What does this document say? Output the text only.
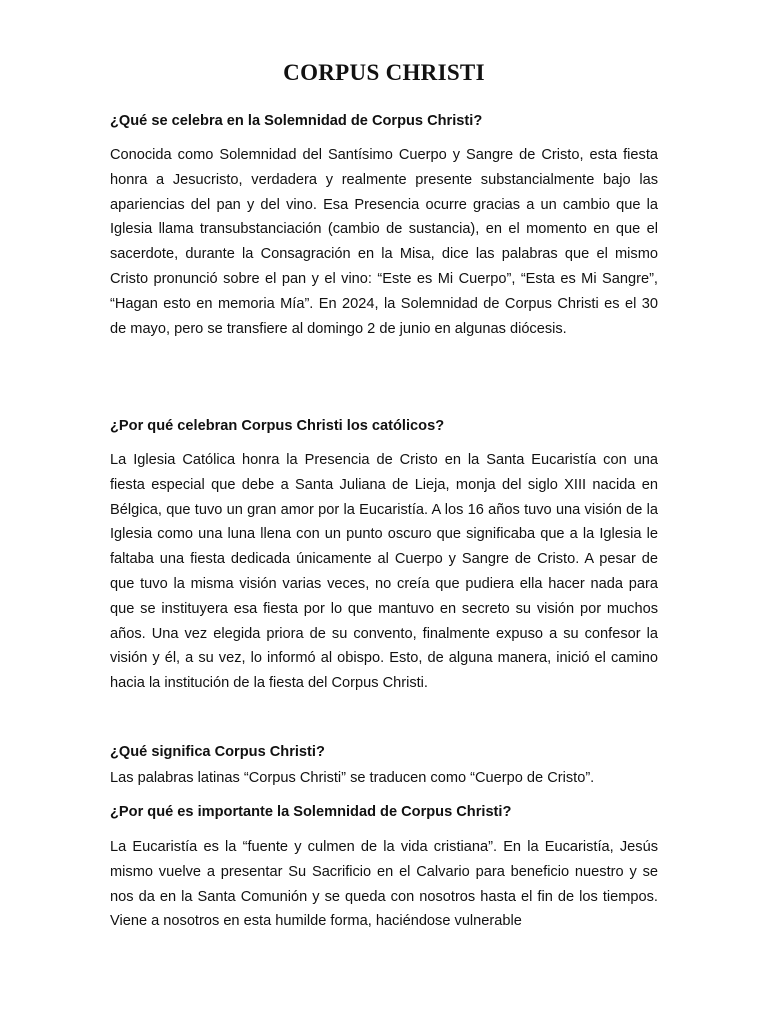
CORPUS CHRISTI
¿Qué se celebra en la Solemnidad de Corpus Christi?

Conocida como Solemnidad del Santísimo Cuerpo y Sangre de Cristo, esta fiesta honra a Jesucristo, verdadera y realmente presente substancialmente bajo las apariencias del pan y del vino. Esa Presencia ocurre gracias a un cambio que la Iglesia llama transubstanciación (cambio de sustancia), en el momento en que el sacerdote, durante la Consagración en la Misa, dice las palabras que el mismo Cristo pronunció sobre el pan y el vino: “Este es Mi Cuerpo”, “Esta es Mi Sangre”, “Hagan esto en memoria Mía”. En 2024, la Solemnidad de Corpus Christi es el 30 de mayo, pero se transfiere al domingo 2 de junio en algunas diócesis.

¿Por qué celebran Corpus Christi los católicos?

La Iglesia Católica honra la Presencia de Cristo en la Santa Eucaristía con una fiesta especial que debe a Santa Juliana de Lieja, monja del siglo XIII nacida en Bélgica, que tuvo un gran amor por la Eucaristía. A los 16 años tuvo una visión de la Iglesia como una luna llena con un punto oscuro que significaba que a la Iglesia le faltaba una fiesta dedicada únicamente al Cuerpo y Sangre de Cristo. A pesar de que tuvo la misma visión varias veces, no creía que pudiera ella hacer nada para que se instituyera esa fiesta por lo que mantuvo en secreto su visión por muchos años. Una vez elegida priora de su convento, finalmente expuso a su confesor la visión y él, a su vez, lo informó al obispo. Esto, de alguna manera, inició el camino hacia la institución de la fiesta del Corpus Christi.

¿Qué significa Corpus Christi?

Las palabras latinas “Corpus Christi” se traducen como “Cuerpo de Cristo”.

¿Por qué es importante la Solemnidad de Corpus Christi?

La Eucaristía es la “fuente y culmen de la vida cristiana”. En la Eucaristía, Jesús mismo vuelve a presentar Su Sacrificio en el Calvario para beneficio nuestro y se nos da en la Santa Comunión y se queda con nosotros hasta el fin de los tiempos. Viene a nosotros en esta humilde forma, haciéndose vulnerable
